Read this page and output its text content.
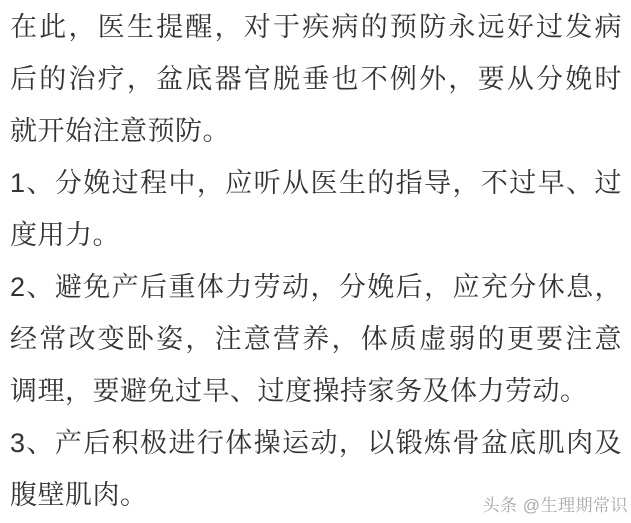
在此，医生提醒，对于疾病的预防永远好过发病
后的治疗，盆底器官脱垂也不例外，要从分娩时
就开始注意预防。

1、分娩过程中，应听从医生的指导，不过早、过
度用力。

2、避免产后重体力劳动，分娩后，应充分休息，
经常改变卧姿，注意营养，体质虚弱的更要注意
调理，要避免过早、过度操持家务及体力劳动。

3、产后积极进行体操运动，以锻炼骨盆底肌肉及
腹壁肌肉。	头条 @生理期常识
